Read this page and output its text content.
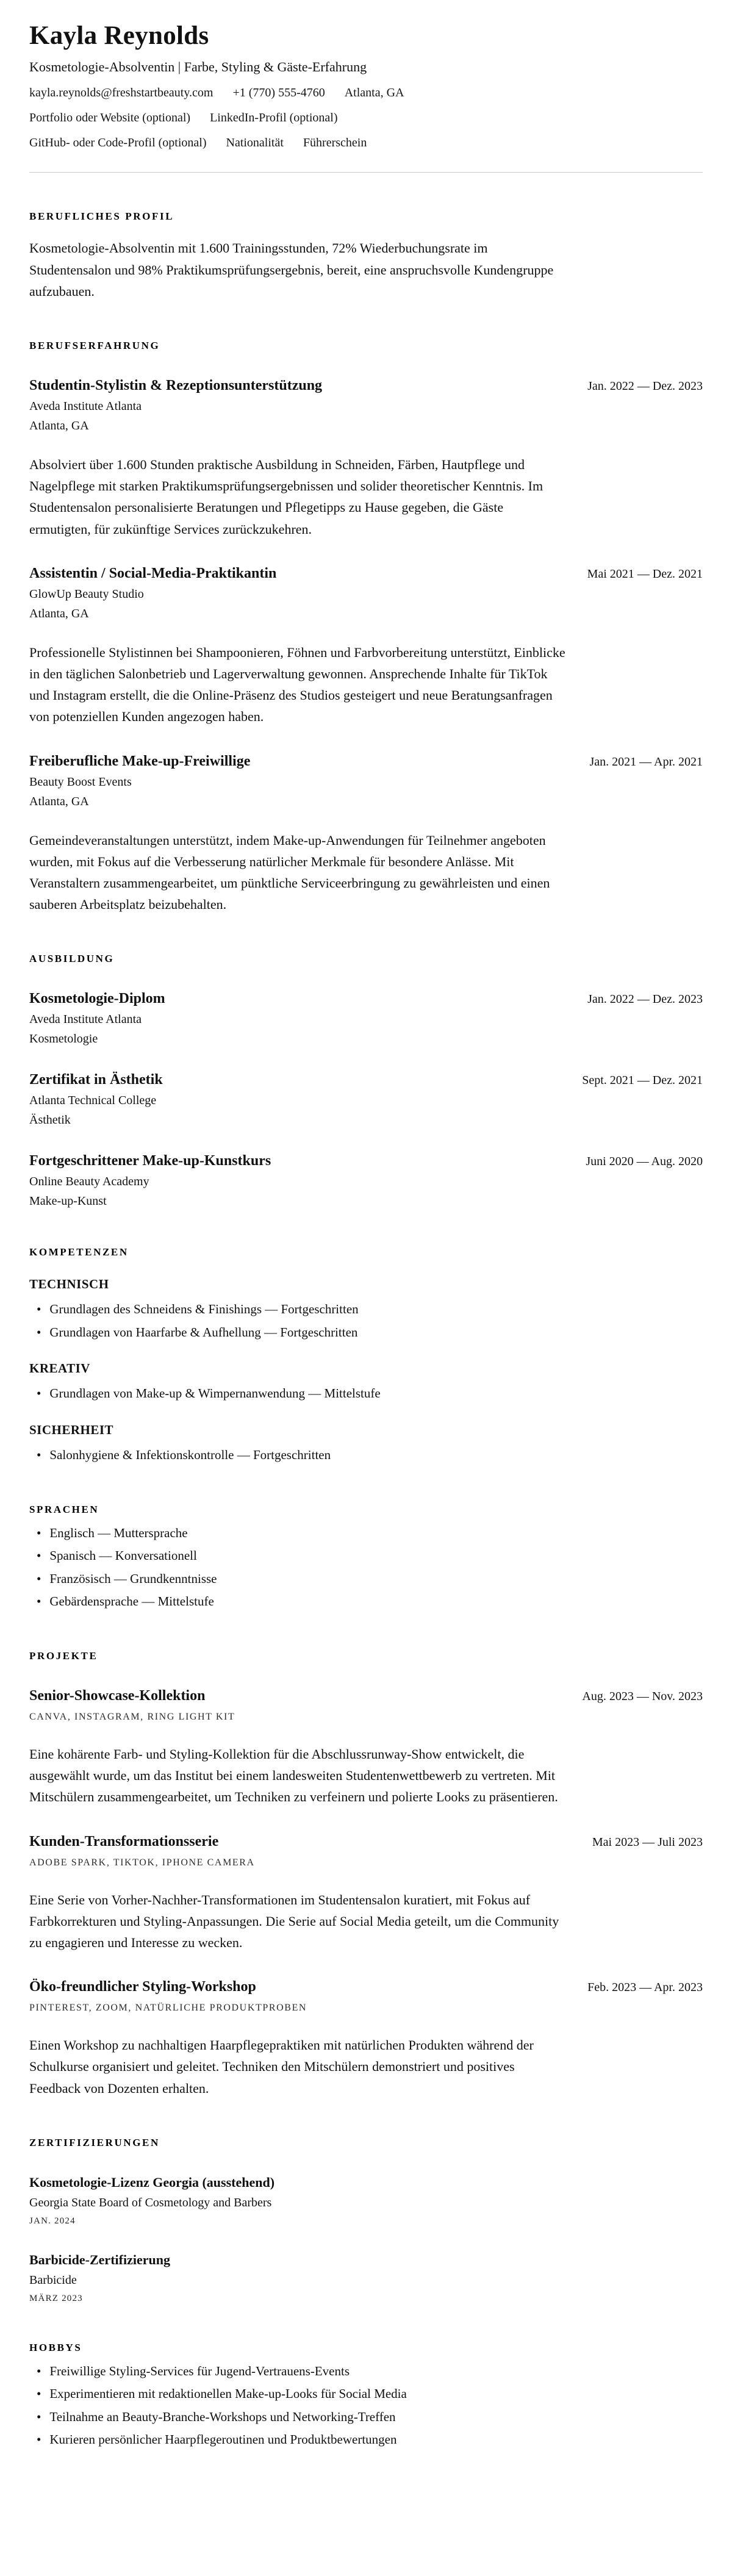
Kayla Reynolds
Kosmetologie-Absolventin | Farbe, Styling & Gäste-Erfahrung
kayla.reynolds@freshstartbeauty.com +1 (770) 555-4760 Atlanta, GA
Portfolio oder Website (optional) LinkedIn-Profil (optional)
GitHub- oder Code-Profil (optional) Nationalität Führerschein
BERUFLICHES PROFIL

Kosmetologie-Absolventin mit 1.600 Trainingsstunden, 72% Wiederbuchungsrate im Studentensalon und 98% Praktikumsprüfungsergebnis, bereit, eine anspruchsvolle Kundengruppe aufzubauen.

BERUFSERFAHRUNG
Studentin-Stylistin & Rezeptionsunterstützung	Jan. 2022 — Dez. 2023
Aveda Institute Atlanta
Atlanta, GA

Absolviert über 1.600 Stunden praktische Ausbildung in Schneiden, Färben, Hautpflege und Nagelpflege mit starken Praktikumsprüfungsergebnissen und solider theoretischer Kenntnis. Im Studentensalon personalisierte Beratungen und Pflegetipps zu Hause gegeben, die Gäste ermutigten, für zukünftige Services zurückzukehren.

Assistentin / Social-Media-Praktikantin	Mai 2021 — Dez. 2021
GlowUp Beauty Studio
Atlanta, GA

Professionelle Stylistinnen bei Shampoonieren, Föhnen und Farbvorbereitung unterstützt, Einblicke in den täglichen Salonbetrieb und Lagerverwaltung gewonnen. Ansprechende Inhalte für TikTok und Instagram erstellt, die die Online-Präsenz des Studios gesteigert und neue Beratungsanfragen von potenziellen Kunden angezogen haben.

Freiberufliche Make-up-Freiwillige	Jan. 2021 — Apr. 2021
Beauty Boost Events
Atlanta, GA

Gemeindeveranstaltungen unterstützt, indem Make-up-Anwendungen für Teilnehmer angeboten wurden, mit Fokus auf die Verbesserung natürlicher Merkmale für besondere Anlässe. Mit Veranstaltern zusammengearbeitet, um pünktliche Serviceerbringung zu gewährleisten und einen sauberen Arbeitsplatz beizubehalten.

AUSBILDUNG
Kosmetologie-Diplom	Jan. 2022 — Dez. 2023
Aveda Institute Atlanta
Kosmetologie
Zertifikat in Ästhetik	Sept. 2021 — Dez. 2021
Atlanta Technical College
Ästhetik
Fortgeschrittener Make-up-Kunstkurs	Juni 2020 — Aug. 2020
Online Beauty Academy
Make-up-Kunst
KOMPETENZEN
TECHNISCH
• Grundlagen des Schneidens & Finishings — Fortgeschritten
• Grundlagen von Haarfarbe & Aufhellung — Fortgeschritten
KREATIV
• Grundlagen von Make-up & Wimpernanwendung — Mittelstufe
SICHERHEIT
• Salonhygiene & Infektionskontrolle — Fortgeschritten
SPRACHEN
• Englisch — Muttersprache
• Spanisch — Konversationell
• Französisch — Grundkenntnisse
• Gebärdensprache — Mittelstufe
PROJEKTE
Senior-Showcase-Kollektion	Aug. 2023 — Nov. 2023
CANVA, INSTAGRAM, RING LIGHT KIT

Eine kohärente Farb- und Styling-Kollektion für die Abschlussrunway-Show entwickelt, die ausgewählt wurde, um das Institut bei einem landesweiten Studentenwettbewerb zu vertreten. Mit Mitschülern zusammengearbeitet, um Techniken zu verfeinern und polierte Looks zu präsentieren.

Kunden-Transformationsserie	Mai 2023 — Juli 2023
ADOBE SPARK, TIKTOK, IPHONE CAMERA

Eine Serie von Vorher-Nachher-Transformationen im Studentensalon kuratiert, mit Fokus auf Farbkorrekturen und Styling-Anpassungen. Die Serie auf Social Media geteilt, um die Community zu engagieren und Interesse zu wecken.

Öko-freundlicher Styling-Workshop	Feb. 2023 — Apr. 2023
PINTEREST, ZOOM, NATÜRLICHE PRODUKTPROBEN

Einen Workshop zu nachhaltigen Haarpflegepraktiken mit natürlichen Produkten während der Schulkurse organisiert und geleitet. Techniken den Mitschülern demonstriert und positives Feedback von Dozenten erhalten.

ZERTIFIZIERUNGEN
Kosmetologie-Lizenz Georgia (ausstehend)
Georgia State Board of Cosmetology and Barbers
JAN. 2024
Barbicide-Zertifizierung
Barbicide
MÄRZ 2023
HOBBYS
• Freiwillige Styling-Services für Jugend-Vertrauens-Events
• Experimentieren mit redaktionellen Make-up-Looks für Social Media
• Teilnahme an Beauty-Branche-Workshops und Networking-Treffen
• Kurieren persönlicher Haarpflegeroutinen und Produktbewertungen
